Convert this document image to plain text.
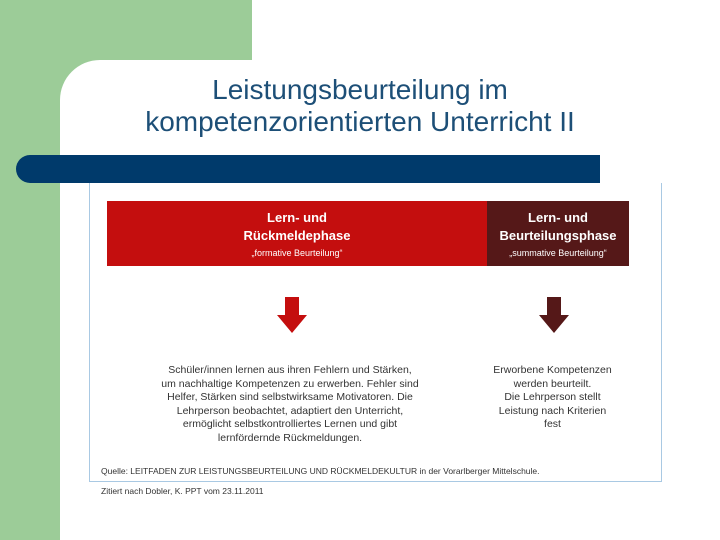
Leistungsbeurteilung im
kompetenzorientierten Unterricht II
Lern- und
Rückmeldephase
„formative Beurteilung“
Lern- und
Beurteilungsphase
„summative Beurteilung“
Schüler/innen lernen aus ihren Fehlern und Stärken,
um nachhaltige Kompetenzen zu erwerben. Fehler sind
Helfer, Stärken sind selbstwirksame Motivatoren. Die
Lehrperson beobachtet, adaptiert den Unterricht,
ermöglicht selbstkontrolliertes Lernen und gibt
lernfördernde Rückmeldungen.
Erworbene Kompetenzen
werden beurteilt.
Die Lehrperson stellt
Leistung nach Kriterien
fest
Quelle: LEITFADEN ZUR LEISTUNGSBEURTEILUNG UND RÜCKMELDEKULTUR in der Vorarlberger Mittelschule.
Zitiert nach Dobler, K. PPT vom 23.11.2011
